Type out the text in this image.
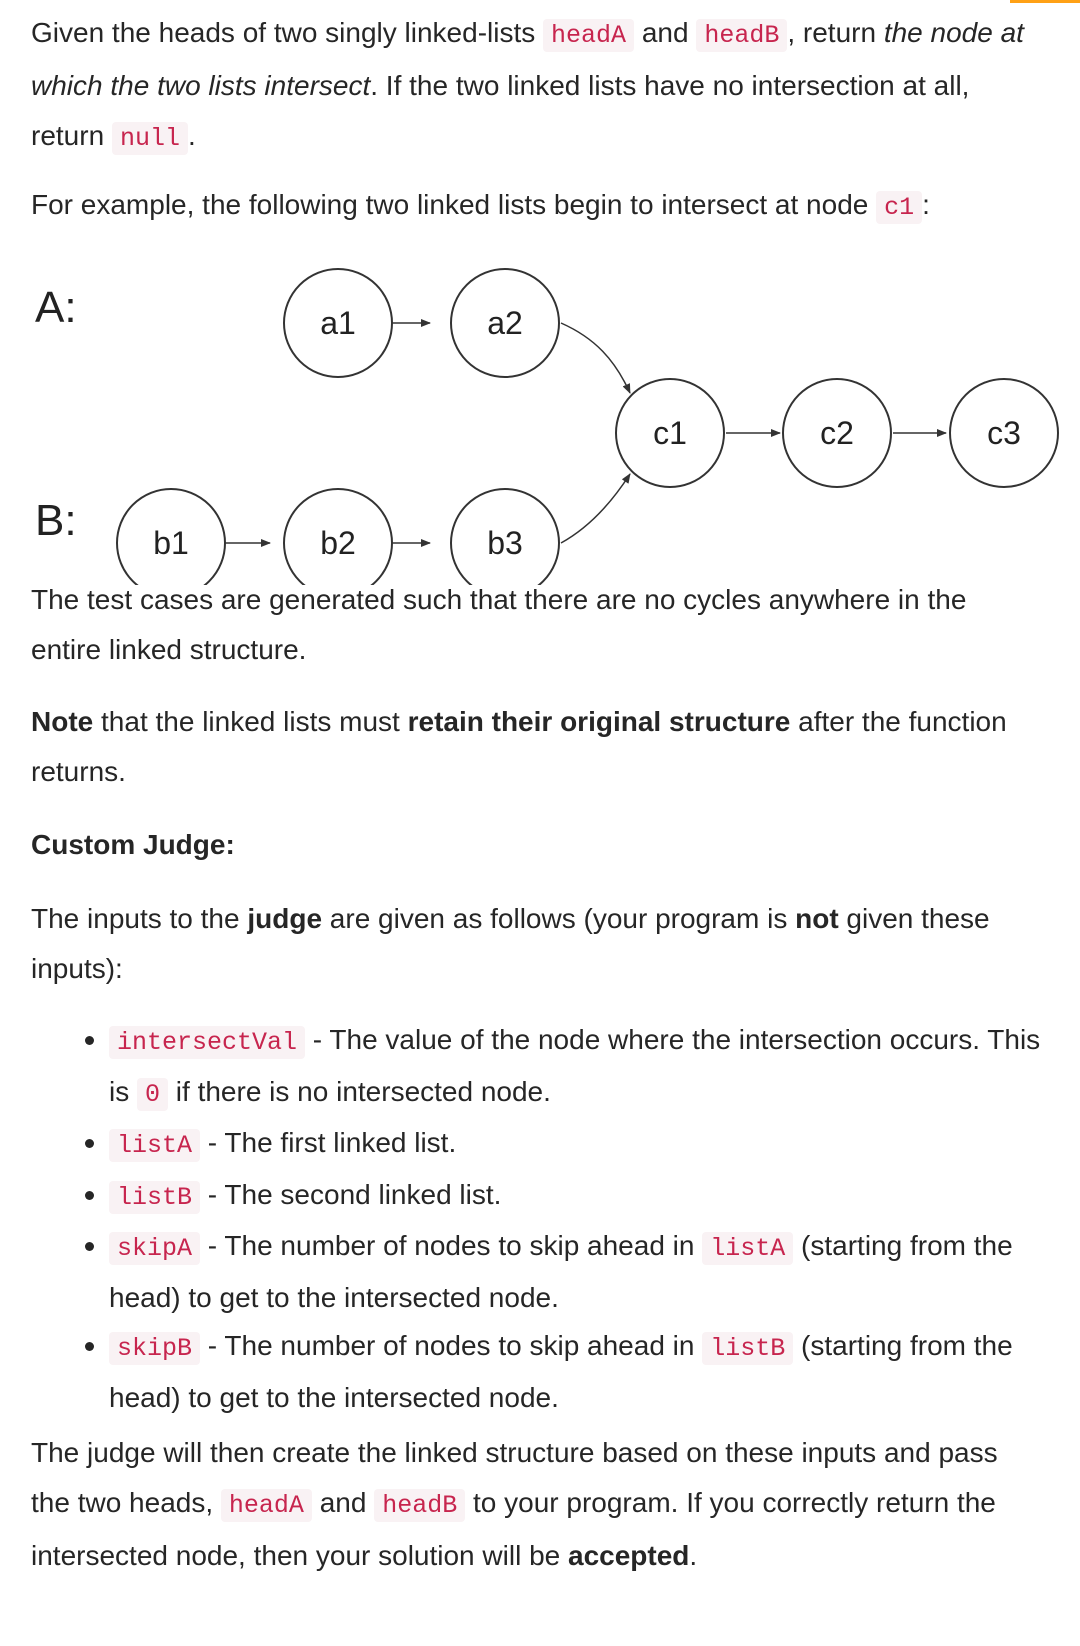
Given the heads of two singly linked-lists headA and headB , return the node at which the two lists intersect. If the two linked lists have no intersection at all, return null .

For example, the following two linked lists begin to intersect at node c1 :

A:
B:
a1	a2
c1	c2	c3
b1	b2	b3

The test cases are generated such that there are no cycles anywhere in the entire linked structure.

Note that the linked lists must retain their original structure after the function returns.

Custom Judge:

The inputs to the judge are given as follows (your program is not given these inputs):

intersectVal - The value of the node where the intersection occurs. This is 0 if there is no intersected node.
listA - The first linked list.
listB - The second linked list.
skipA - The number of nodes to skip ahead in listA (starting from the head) to get to the intersected node.
skipB - The number of nodes to skip ahead in listB (starting from the head) to get to the intersected node.

The judge will then create the linked structure based on these inputs and pass the two heads, headA and headB to your program. If you correctly return the intersected node, then your solution will be accepted.
